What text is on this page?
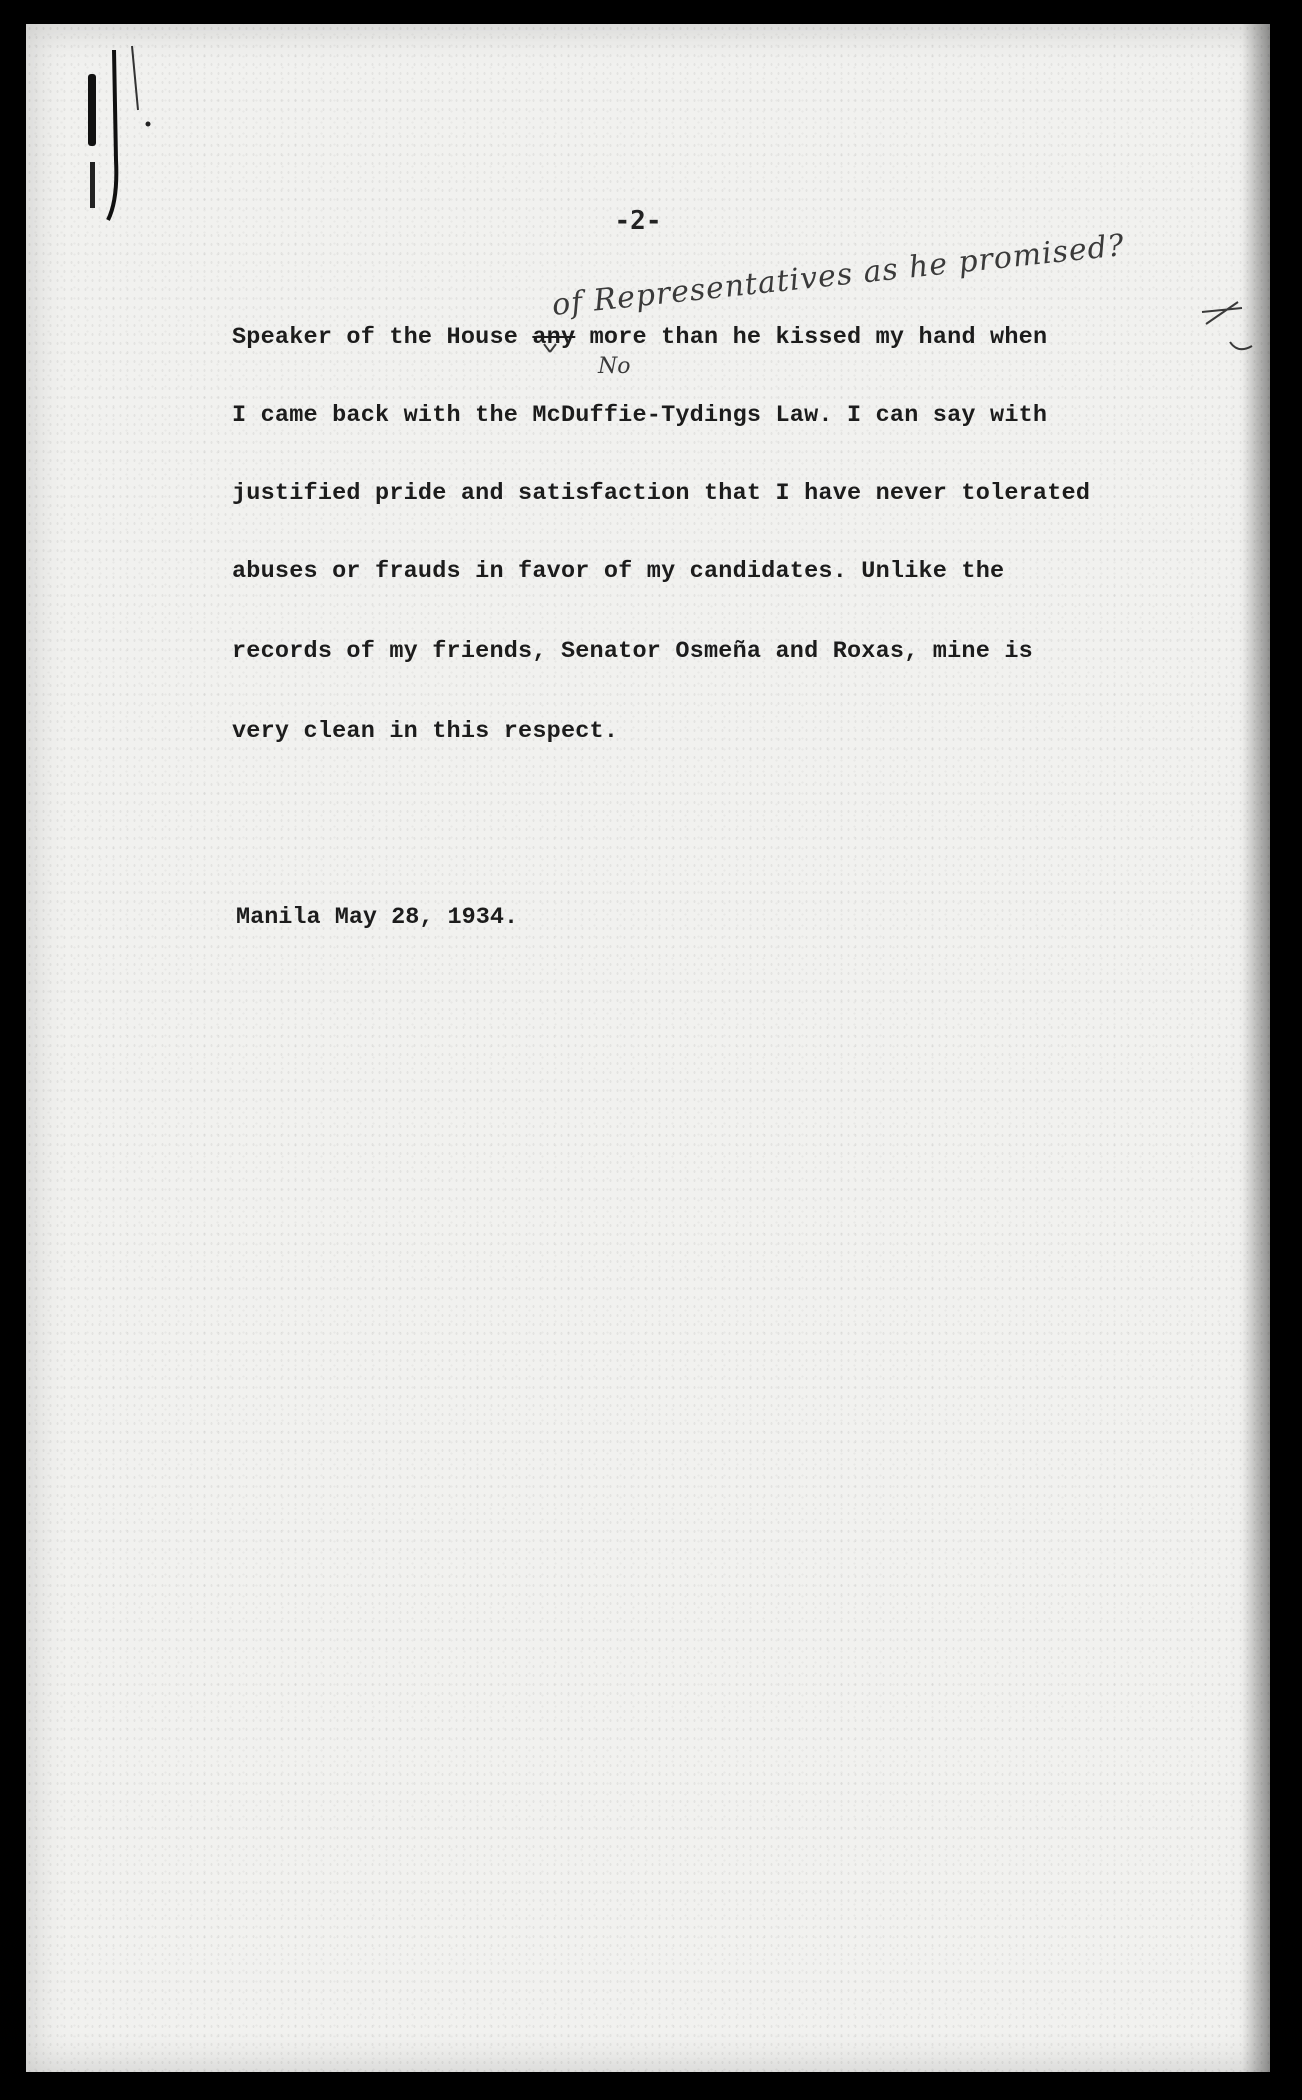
-2-
of Representatives as he promised?
No
Speaker of the House any more than he kissed my hand when
I came back with the McDuffie-Tydings Law. I can say with
justified pride and satisfaction that I have never tolerated
abuses or frauds in favor of my candidates. Unlike the
records of my friends, Senator Osmeña and Roxas, mine is
very clean in this respect.
Manila May 28, 1934.
